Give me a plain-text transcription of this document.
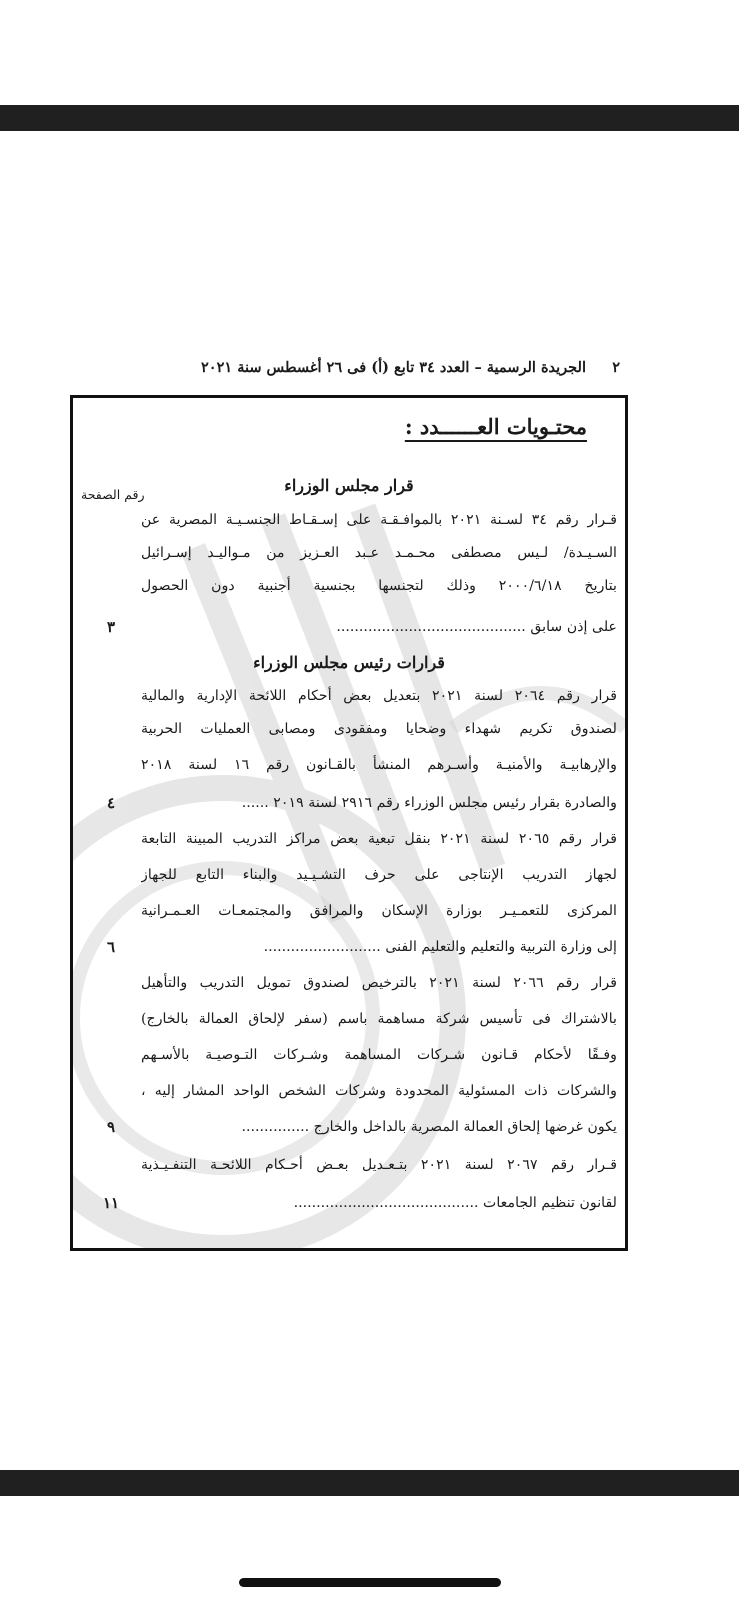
٢
الجريدة الرسمية – العدد ٣٤ تابع (أ) فى ٢٦ أغسطس سنة ٢٠٢١
محتـويات العــــــدد :
رقم الصفحة	قرار مجلس الوزراء
قـرار رقم ٣٤ لسـنة ٢٠٢١ بالموافـقـة على إسـقـاط الجنسـيـة المصرية عن
السـيـدة/ لـيس مصطفى محـمـد عـبد العـزيز من مـواليـد إسـرائيل
بتاريخ ٢٠٠٠/٦/١٨ وذلك لتجنسها بجنسية أجنبية دون الحصول
على إذن سابق ..........................................
٣
قرارات رئيس مجلس الوزراء
قرار رقم ٢٠٦٤ لسنة ٢٠٢١ بتعديل بعض أحكام اللائحة الإدارية والمالية
لصندوق تكريم شهداء وضحايا ومفقودى ومصابى العمليات الحربية
والإرهابيـة والأمنيـة وأسـرهم المنشأ بالقـانون رقم ١٦ لسنة ٢٠١٨
والصادرة بقرار رئيس مجلس الوزراء رقم ٢٩١٦ لسنة ٢٠١٩ ......
٤
قرار رقم ٢٠٦٥ لسنة ٢٠٢١ بنقل تبعية بعض مراكز التدريب المبينة التابعة
لجهاز التدريب الإنتاجى على حرف التشـيـيد والبناء التابع للجهاز
المركزى للتعمـيـر بوزارة الإسكان والمرافق والمجتمعـات العـمـرانية
إلى وزارة التربية والتعليم والتعليم الفنى ..........................
٦
قرار رقم ٢٠٦٦ لسنة ٢٠٢١ بالترخيص لصندوق تمويل التدريب والتأهيل
بالاشتراك فى تأسيس شركة مساهمة باسم (سفر لإلحاق العمالة بالخارج)
وفـقًا لأحكام قـانون شـركات المساهمة وشـركات التـوصيـة بالأسـهم
والشركات ذات المسئولية المحدودة وشركات الشخص الواحد المشار إليه ،
يكون غرضها إلحاق العمالة المصرية بالداخل والخارج ...............
٩
قـرار رقم ٢٠٦٧ لسنة ٢٠٢١ بتـعـديل بعـض أحـكام اللائحـة التنفـيـذية
لقانون تنظيم الجامعات .........................................
١١
